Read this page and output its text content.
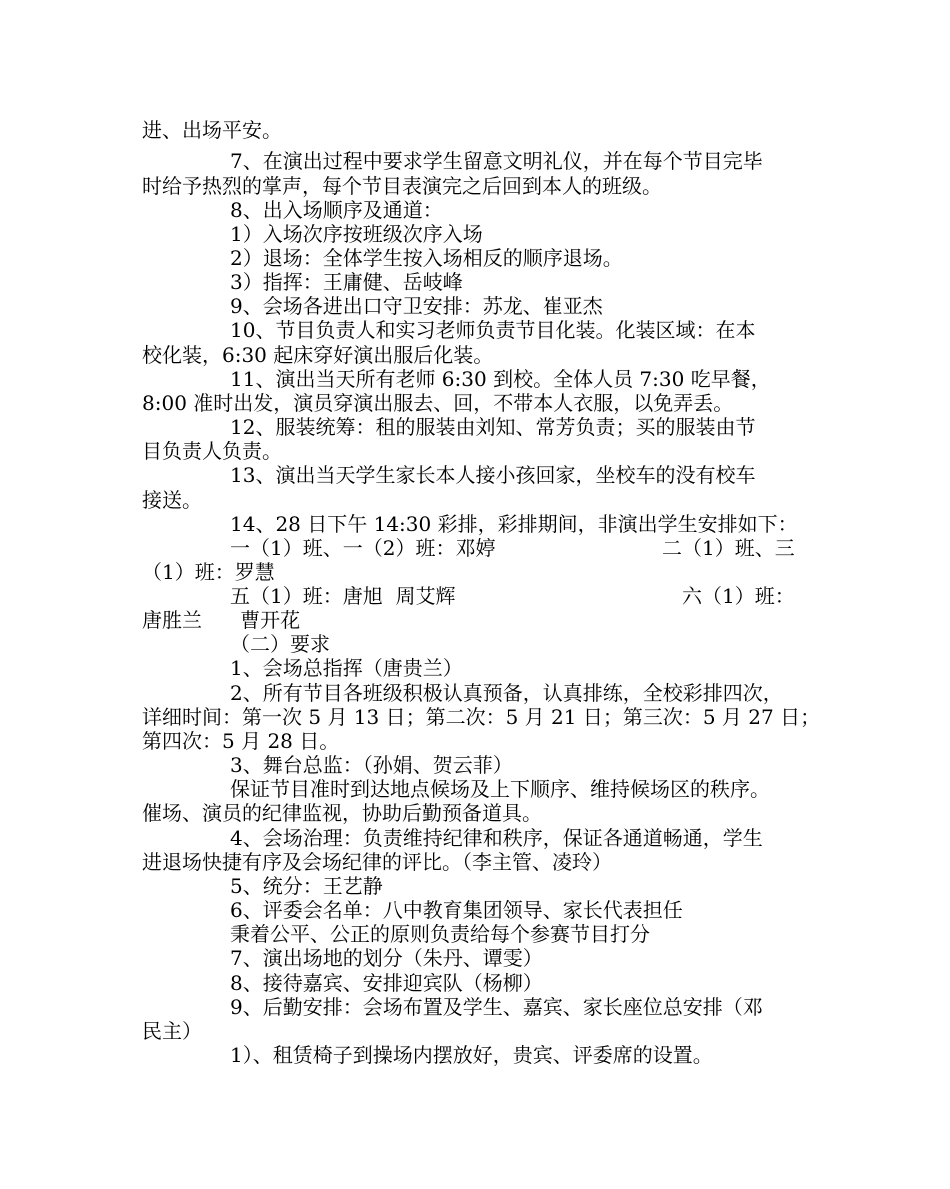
进、出场平安。

7、在演出过程中要求学生留意文明礼仪，并在每个节目完毕

时给予热烈的掌声，每个节目表演完之后回到本人的班级。

8、出入场顺序及通道：

1）入场次序按班级次序入场

2）退场：全体学生按入场相反的顺序退场。

3）指挥：王庸健、岳岐峰

9、会场各进出口守卫安排：苏龙、崔亚杰

10、节目负责人和实习老师负责节目化装。化装区域：在本

校化装，6:30 起床穿好演出服后化装。

11、演出当天所有老师 6:30 到校。全体人员 7:30 吃早餐，

8:00 准时出发，演员穿演出服去、回，不带本人衣服，以免弄丢。

12、服装统筹：租的服装由刘知、常芳负责；买的服装由节

目负责人负责。

13、演出当天学生家长本人接小孩回家，坐校车的没有校车

接送。

14、28 日下午 14:30 彩排，彩排期间，非演出学生安排如下：

一（1）班、一（2）班：邓婷	二（1）班、三

（1）班：罗慧

五（1）班：唐旭  周艾辉	六（1）班：

唐胜兰      曹开花

（二）要求

1、会场总指挥（唐贵兰）

2、所有节目各班级积极认真预备，认真排练，全校彩排四次，

详细时间：第一次 5 月 13 日；第二次：5 月 21 日；第三次：5 月 27 日；

第四次：5 月 28 日。

3、舞台总监：（孙娟、贺云菲）

保证节目准时到达地点候场及上下顺序、维持候场区的秩序。

催场、演员的纪律监视，协助后勤预备道具。

4、会场治理：负责维持纪律和秩序，保证各通道畅通，学生

进退场快捷有序及会场纪律的评比。（李主管、凌玲）

5、统分：王艺静

6、评委会名单：八中教育集团领导、家长代表担任

秉着公平、公正的原则负责给每个参赛节目打分

7、演出场地的划分（朱丹、谭雯）

8、接待嘉宾、安排迎宾队（杨柳）

9、后勤安排：会场布置及学生、嘉宾、家长座位总安排（邓

民主）

1）、租赁椅子到操场内摆放好，贵宾、评委席的设置。
